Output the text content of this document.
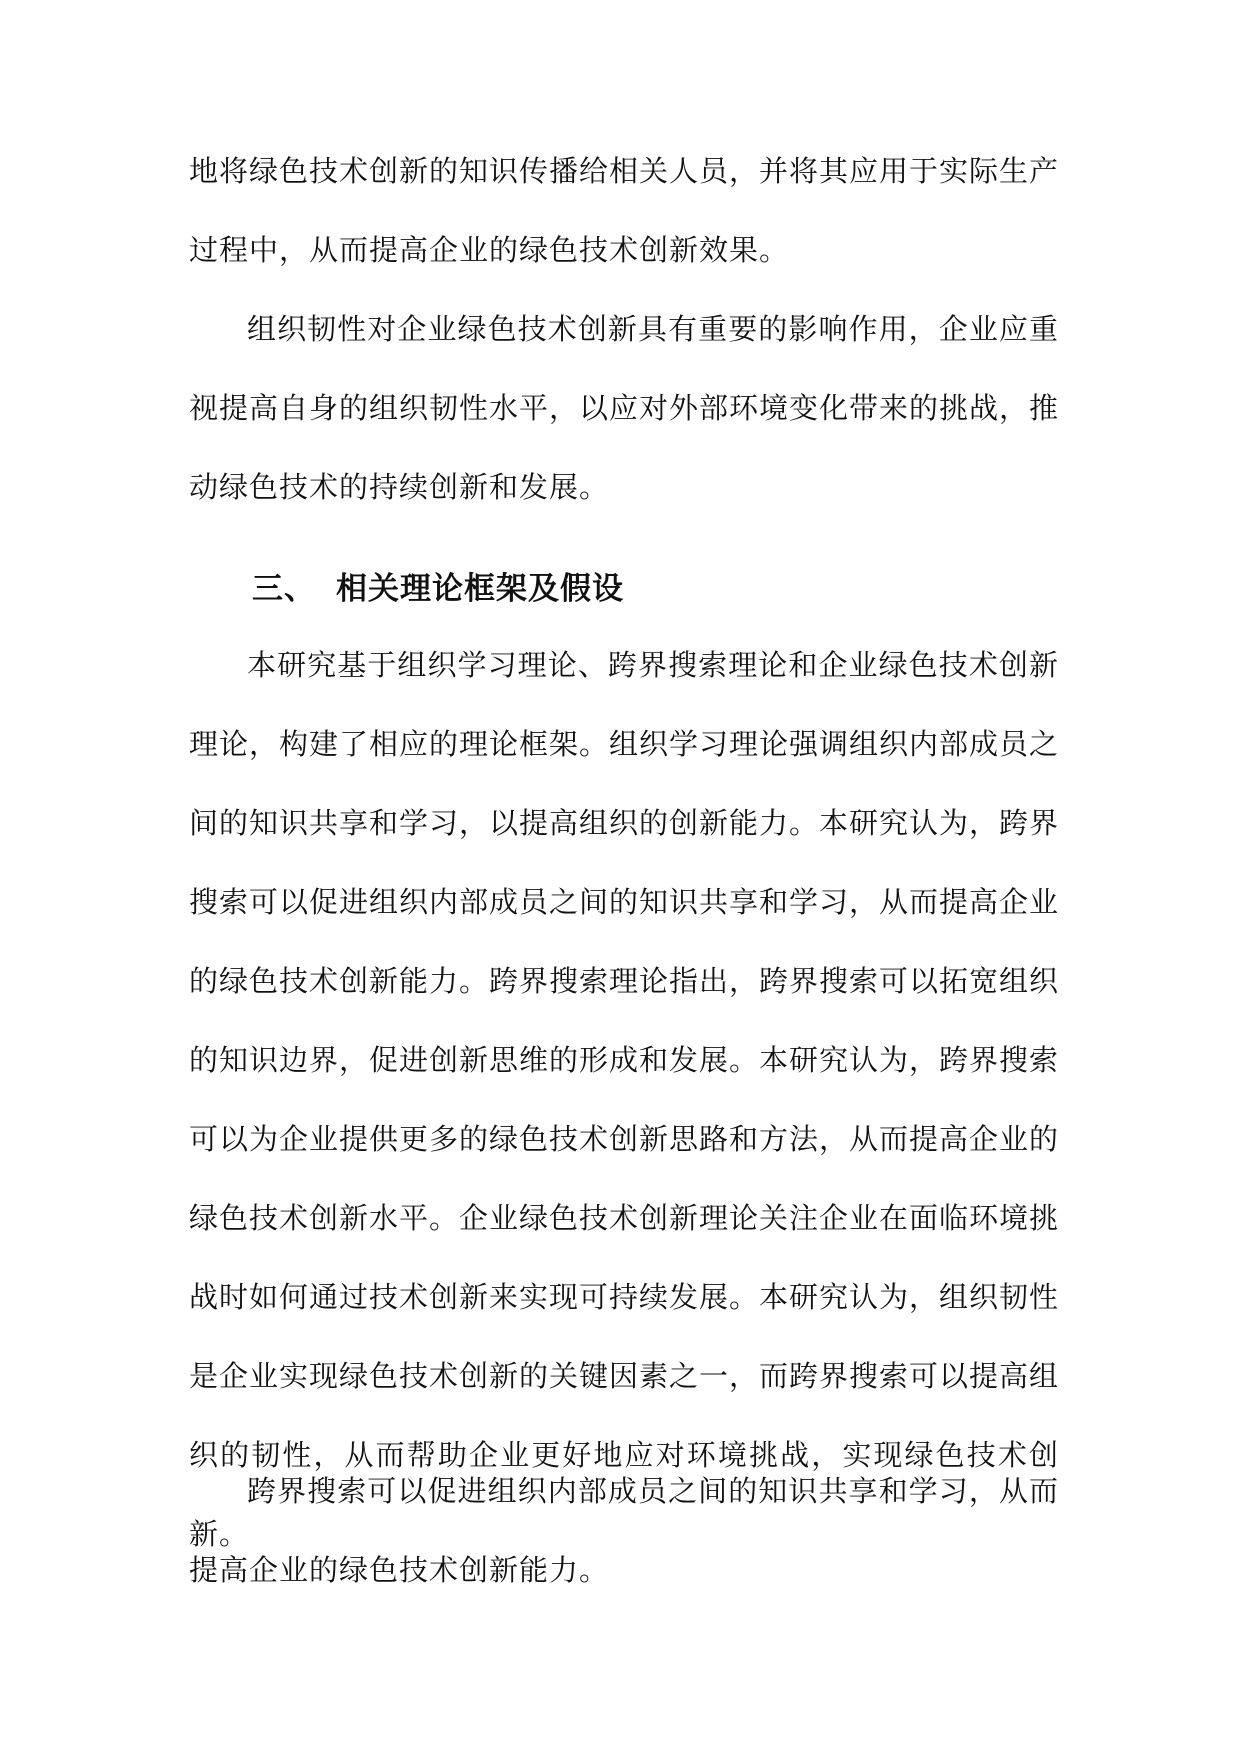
地将绿色技术创新的知识传播给相关人员，并将其应用于实际生产过程中，从而提高企业的绿色技术创新效果。

组织韧性对企业绿色技术创新具有重要的影响作用，企业应重视提高自身的组织韧性水平，以应对外部环境变化带来的挑战，推动绿色技术的持续创新和发展。

三、 相关理论框架及假设

本研究基于组织学习理论、跨界搜索理论和企业绿色技术创新理论，构建了相应的理论框架。组织学习理论强调组织内部成员之间的知识共享和学习，以提高组织的创新能力。本研究认为，跨界搜索可以促进组织内部成员之间的知识共享和学习，从而提高企业的绿色技术创新能力。跨界搜索理论指出，跨界搜索可以拓宽组织的知识边界，促进创新思维的形成和发展。本研究认为，跨界搜索可以为企业提供更多的绿色技术创新思路和方法，从而提高企业的绿色技术创新水平。企业绿色技术创新理论关注企业在面临环境挑战时如何通过技术创新来实现可持续发展。本研究认为，组织韧性是企业实现绿色技术创新的关键因素之一，而跨界搜索可以提高组织的韧性，从而帮助企业更好地应对环境挑战，实现绿色技术创新。

跨界搜索可以促进组织内部成员之间的知识共享和学习，从而提高企业的绿色技术创新能力。
